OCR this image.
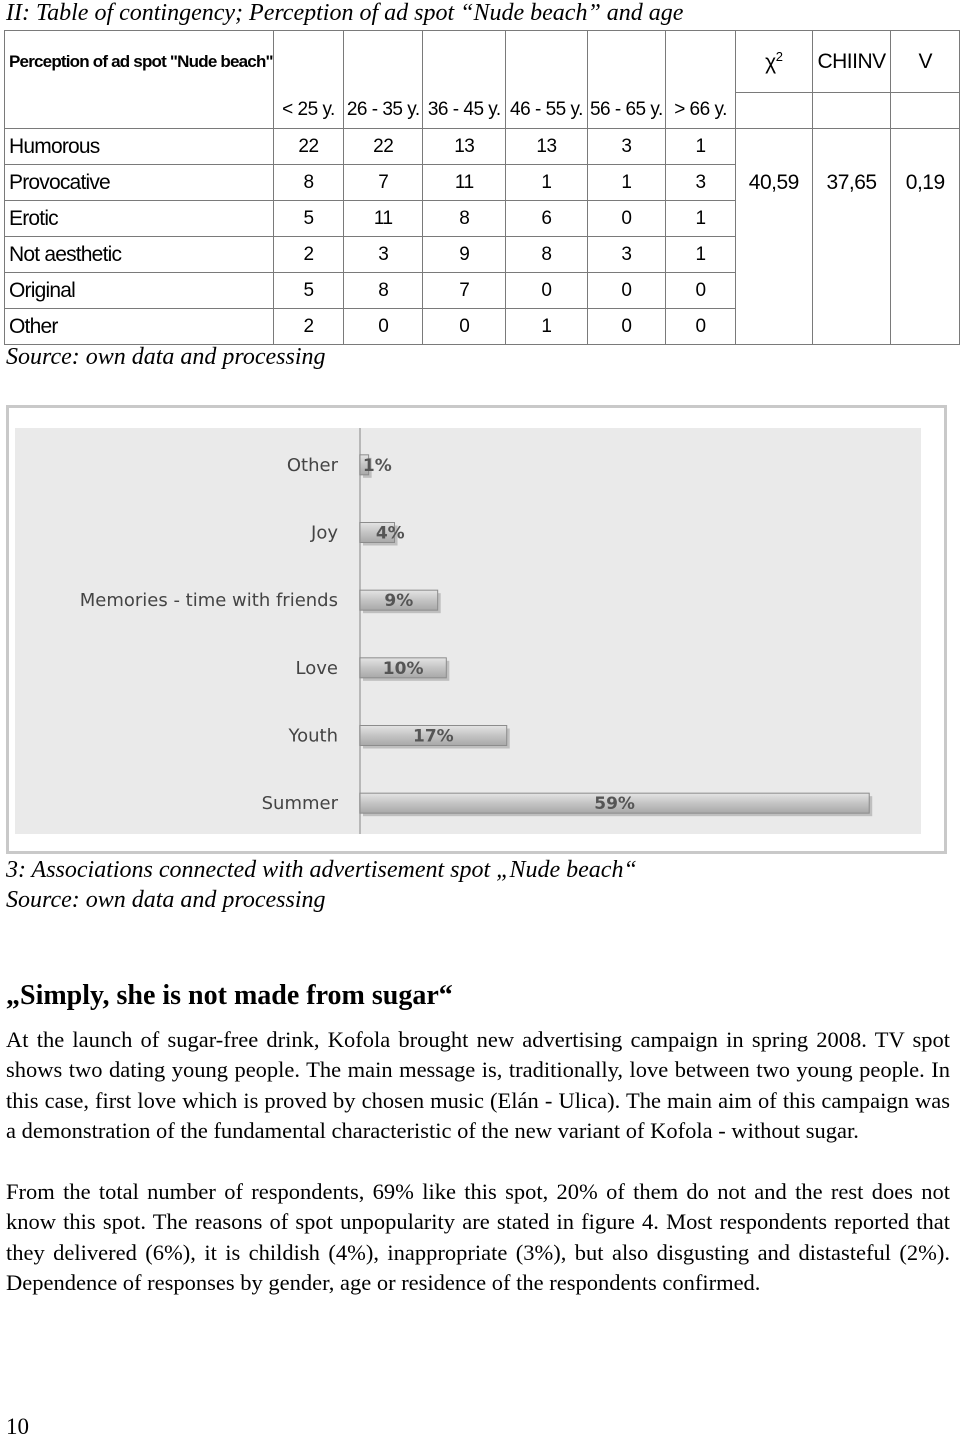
II: Table of contingency; Perception of ad spot “Nude beach” and age
Perception of ad spot "Nude beach"							$\chi^2$	CHIINV	V
	< 25 y.	26 - 35 y.	36 - 45 y.	46 - 55 y.	56 - 65 y.	> 66 y.			
Humorous	22	22	13	13	3	1			
Provocative	8	7	11	1	1	3	40,59	37,65	0,19
Erotic	5	11	8	6	0	1			
Not aesthetic	2	3	9	8	3	1			
Original	5	8	7	0	0	0			
Other	2	0	0	1	0	0			
Source: own data and processing
Other 1%
Joy 4%
Memories - time with friends	9%
Love	10%
Youth	17%
Summer	59%
3: Associations connected with advertisement spot „Nude beach“
Source: own data and processing
„Simply, she is not made from sugar“
At the launch of sugar-free drink, Kofola brought new advertising campaign in spring 2008. TV spot shows two dating young people. The main message is, traditionally, love between two young people. In this case, first love which is proved by chosen music (Elán - Ulica). The main aim of this campaign was a demonstration of the fundamental characteristic of the new variant of Kofola - without sugar.
From the total number of respondents, 69% like this spot, 20% of them do not and the rest does not know this spot. The reasons of spot unpopularity are stated in figure 4. Most respondents reported that they delivered (6%), it is childish (4%), inappropriate (3%), but also disgusting and distasteful (2%). Dependence of responses by gender, age or residence of the respondents confirmed.
10
